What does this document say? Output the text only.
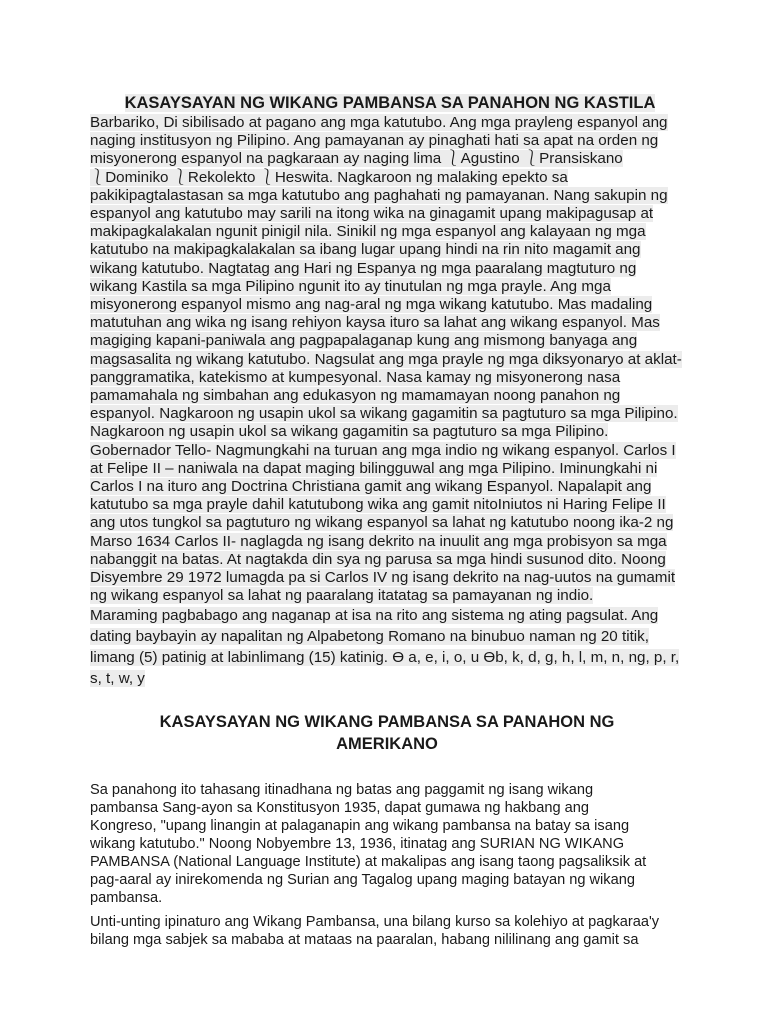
KASAYSAYAN NG WIKANG PAMBANSA SA PANAHON NG KASTILA

Barbariko, Di sibilisado at pagano ang mga katutubo. Ang mga prayleng espanyol ang
naging institusyon ng Pilipino. Ang pamayanan ay pinaghati hati sa apat na orden ng
misyonerong espanyol na pagkaraan ay naging lima ⎱Agustino ⎱Pransiskano
⎱Dominiko ⎱Rekolekto ⎱Heswita. Nagkaroon ng malaking epekto sa
pakikipagtalastasan sa mga katutubo ang paghahati ng pamayanan. Nang sakupin ng
espanyol ang katutubo may sarili na itong wika na ginagamit upang makipagusap at
makipagkalakalan ngunit pinigil nila. Sinikil ng mga espanyol ang kalayaan ng mga
katutubo na makipagkalakalan sa ibang lugar upang hindi na rin nito magamit ang
wikang katutubo. Nagtatag ang Hari ng Espanya ng mga paaralang magtuturo ng
wikang Kastila sa mga Pilipino ngunit ito ay tinutulan ng mga prayle. Ang mga
misyonerong espanyol mismo ang nag-aral ng mga wikang katutubo. Mas madaling
matutuhan ang wika ng isang rehiyon kaysa ituro sa lahat ang wikang espanyol. Mas
magiging kapani-paniwala ang pagpapalaganap kung ang mismong banyaga ang
magsasalita ng wikang katutubo. Nagsulat ang mga prayle ng mga diksyonaryo at aklat-
panggramatika, katekismo at kumpesyonal. Nasa kamay ng misyonerong nasa
pamamahala ng simbahan ang edukasyon ng mamamayan noong panahon ng
espanyol. Nagkaroon ng usapin ukol sa wikang gagamitin sa pagtuturo sa mga Pilipino.
Nagkaroon ng usapin ukol sa wikang gagamitin sa pagtuturo sa mga Pilipino.
Gobernador Tello- Nagmungkahi na turuan ang mga indio ng wikang espanyol. Carlos I
at Felipe II – naniwala na dapat maging bilingguwal ang mga Pilipino. Iminungkahi ni
Carlos I na ituro ang Doctrina Christiana gamit ang wikang Espanyol. Napalapit ang
katutubo sa mga prayle dahil katutubong wika ang gamit nitoIniutos ni Haring Felipe II
ang utos tungkol sa pagtuturo ng wikang espanyol sa lahat ng katutubo noong ika-2 ng
Marso 1634 Carlos II- naglagda ng isang dekrito na inuulit ang mga probisyon sa mga
nabanggit na batas. At nagtakda din sya ng parusa sa mga hindi susunod dito. Noong
Disyembre 29 1972 lumagda pa si Carlos IV ng isang dekrito na nag-uutos na gumamit
ng wikang espanyol sa lahat ng paaralang itatatag sa pamayanan ng indio.

Maraming pagbabago ang naganap at isa na rito ang sistema ng ating pagsulat. Ang
dating baybayin ay napalitan ng Alpabetong Romano na binubuo naman ng 20 titik,
limang (5) patinig at labinlimang (15) katinig. ϴ a, e, i, o, u ϴb, k, d, g, h, l, m, n, ng, p, r,
s, t, w, y

KASAYSAYAN NG WIKANG PAMBANSA SA PANAHON NG
AMERIKANO

Sa panahong ito tahasang itinadhana ng batas ang paggamit ng isang wikang
pambansa Sang-ayon sa Konstitusyon 1935, dapat gumawa ng hakbang ang
Kongreso, "upang linangin at palaganapin ang wikang pambansa na batay sa isang
wikang katutubo." Noong Nobyembre 13, 1936, itinatag ang SURIAN NG WIKANG
PAMBANSA (National Language Institute) at makalipas ang isang taong pagsaliksik at
pag-aaral ay inirekomenda ng Surian ang Tagalog upang maging batayan ng wikang
pambansa.

Unti-unting ipinaturo ang Wikang Pambansa, una bilang kurso sa kolehiyo at pagkaraa'y
bilang mga sabjek sa mababa at mataas na paaralan, habang nililinang ang gamit sa
